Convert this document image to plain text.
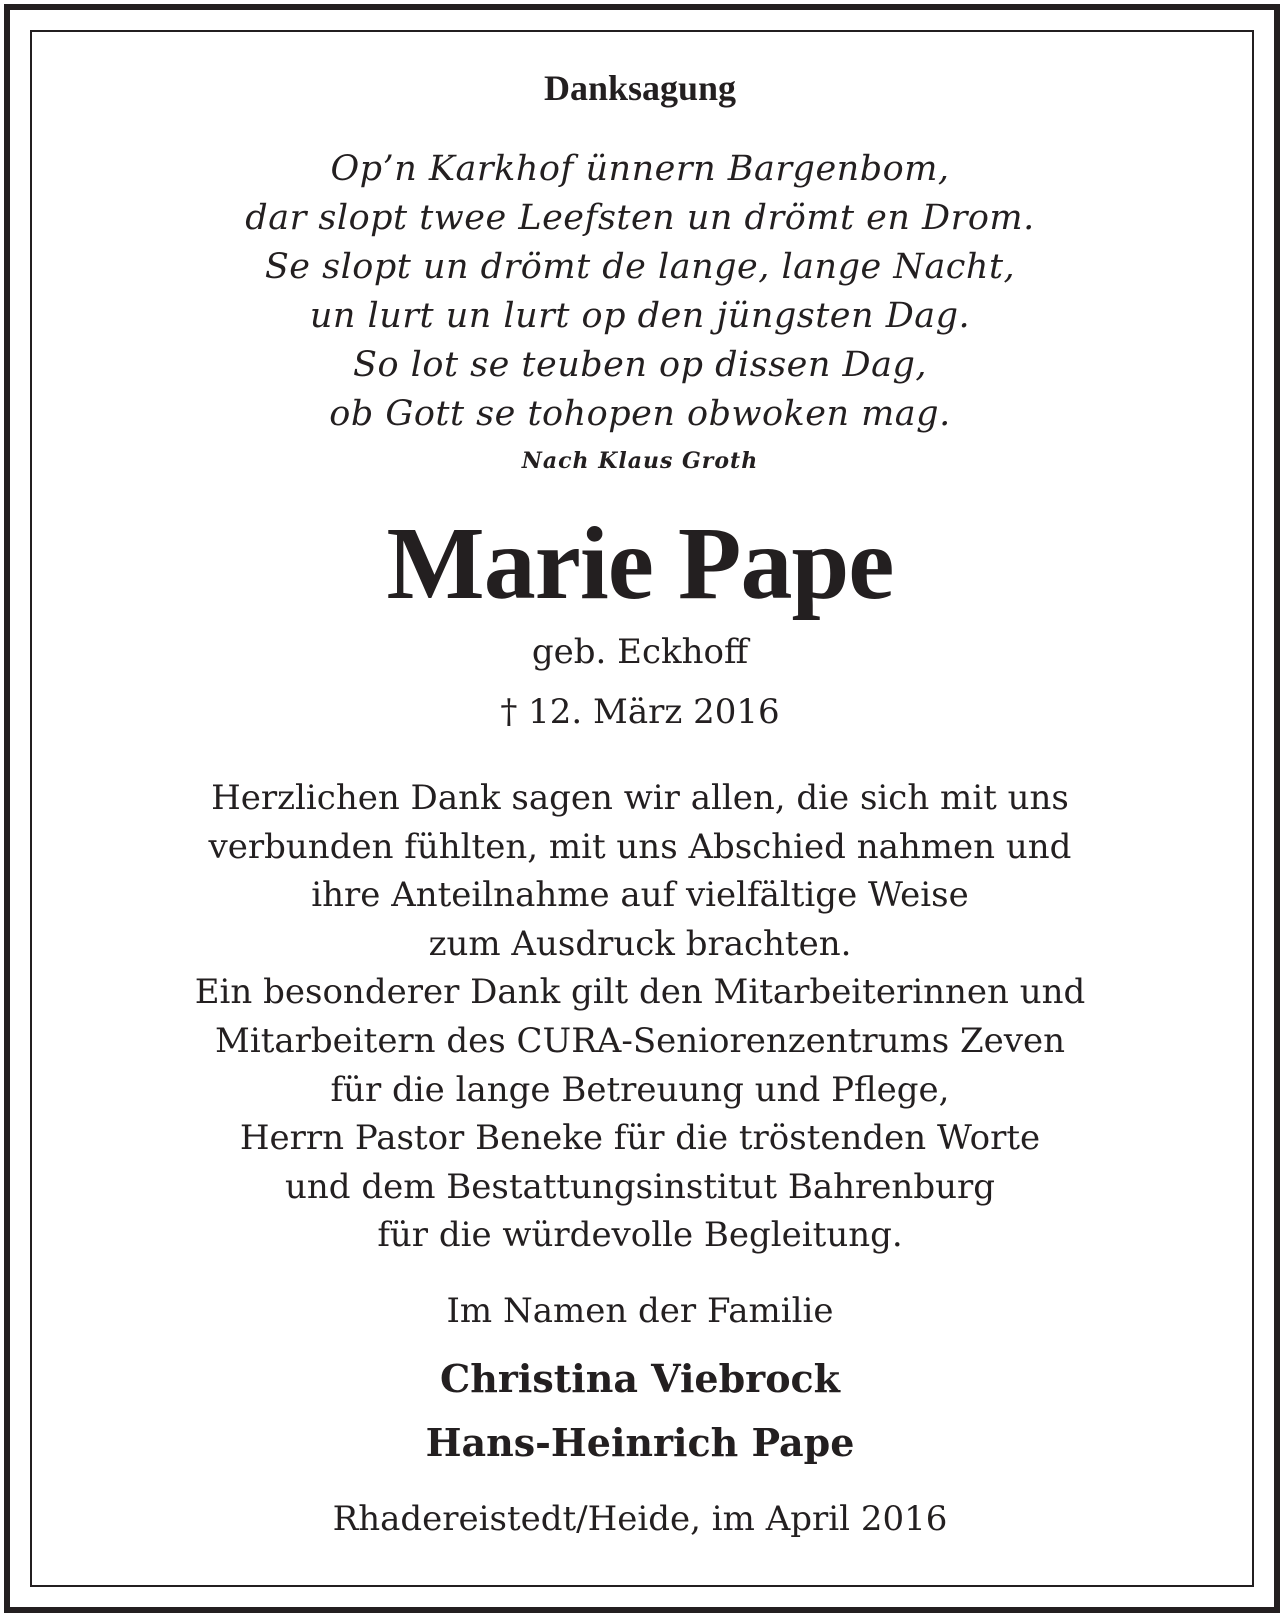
Danksagung
Op’n Karkhof ünnern Bargenbom,
dar slopt twee Leefsten un drömt en Drom.
Se slopt un drömt de lange, lange Nacht,
un lurt un lurt op den jüngsten Dag.
So lot se teuben op dissen Dag,
ob Gott se tohopen obwoken mag.
Nach Klaus Groth
Marie Pape
geb. Eckhoff
† 12. März 2016
Herzlichen Dank sagen wir allen, die sich mit uns
verbunden fühlten, mit uns Abschied nahmen und
ihre Anteilnahme auf vielfältige Weise
zum Ausdruck brachten.
Ein besonderer Dank gilt den Mitarbeiterinnen und
Mitarbeitern des CURA-Seniorenzentrums Zeven
für die lange Betreuung und Pflege,
Herrn Pastor Beneke für die tröstenden Worte
und dem Bestattungsinstitut Bahrenburg
für die würdevolle Begleitung.
Im Namen der Familie
Christina Viebrock
Hans-Heinrich Pape
Rhadereistedt/Heide, im April 2016
